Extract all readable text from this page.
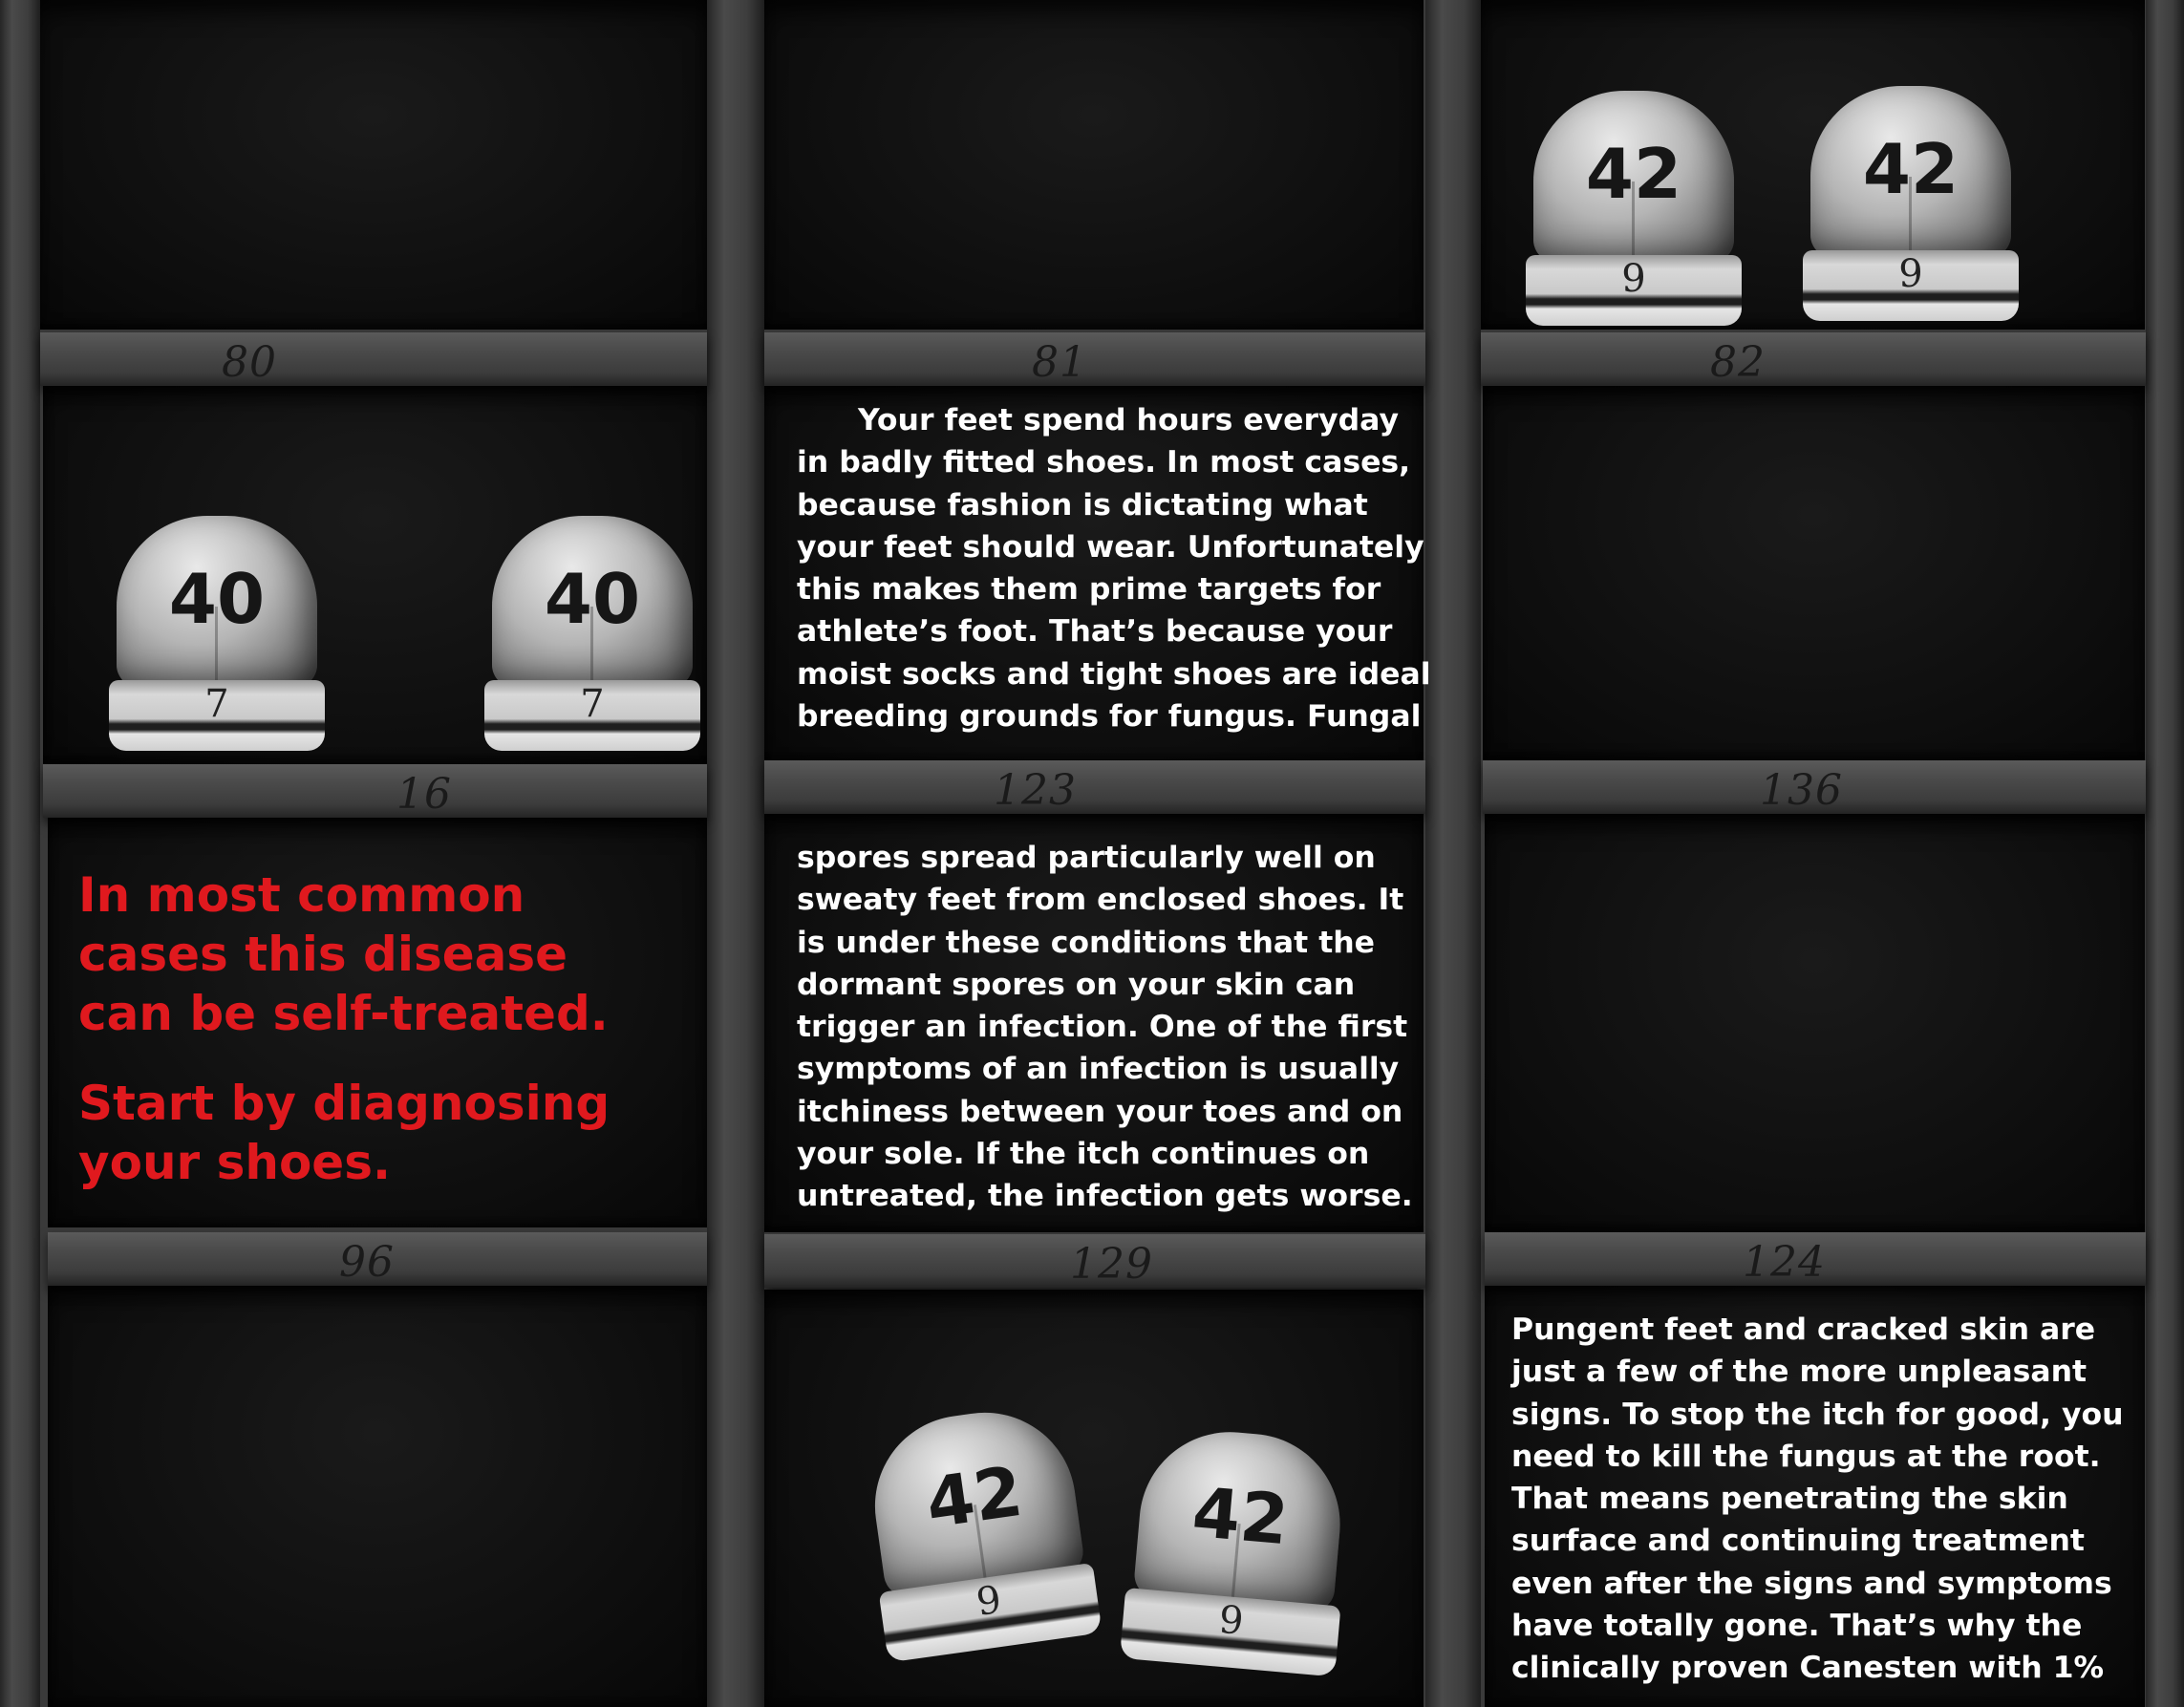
80	81	82
16	123	136
96	129	124
42
9
42
9
40
7
40
7
42
9
42
9
In most common
cases this disease
can be self-treated.
Start by diagnosing
your shoes.

Your feet spend hours everyday
in badly fitted shoes. In most cases,
because fashion is dictating what
your feet should wear. Unfortunately
this makes them prime targets for
athlete’s foot. That’s because your
moist socks and tight shoes are ideal
breeding grounds for fungus. Fungal

spores spread particularly well on
sweaty feet from enclosed shoes. It
is under these conditions that the
dormant spores on your skin can
trigger an infection. One of the first
symptoms of an infection is usually
itchiness between your toes and on
your sole. If the itch continues on
untreated, the infection gets worse.

Pungent feet and cracked skin are
just a few of the more unpleasant
signs. To stop the itch for good, you
need to kill the fungus at the root.
That means penetrating the skin
surface and continuing treatment
even after the signs and symptoms
have totally gone. That’s why the
clinically proven Canesten with 1%
